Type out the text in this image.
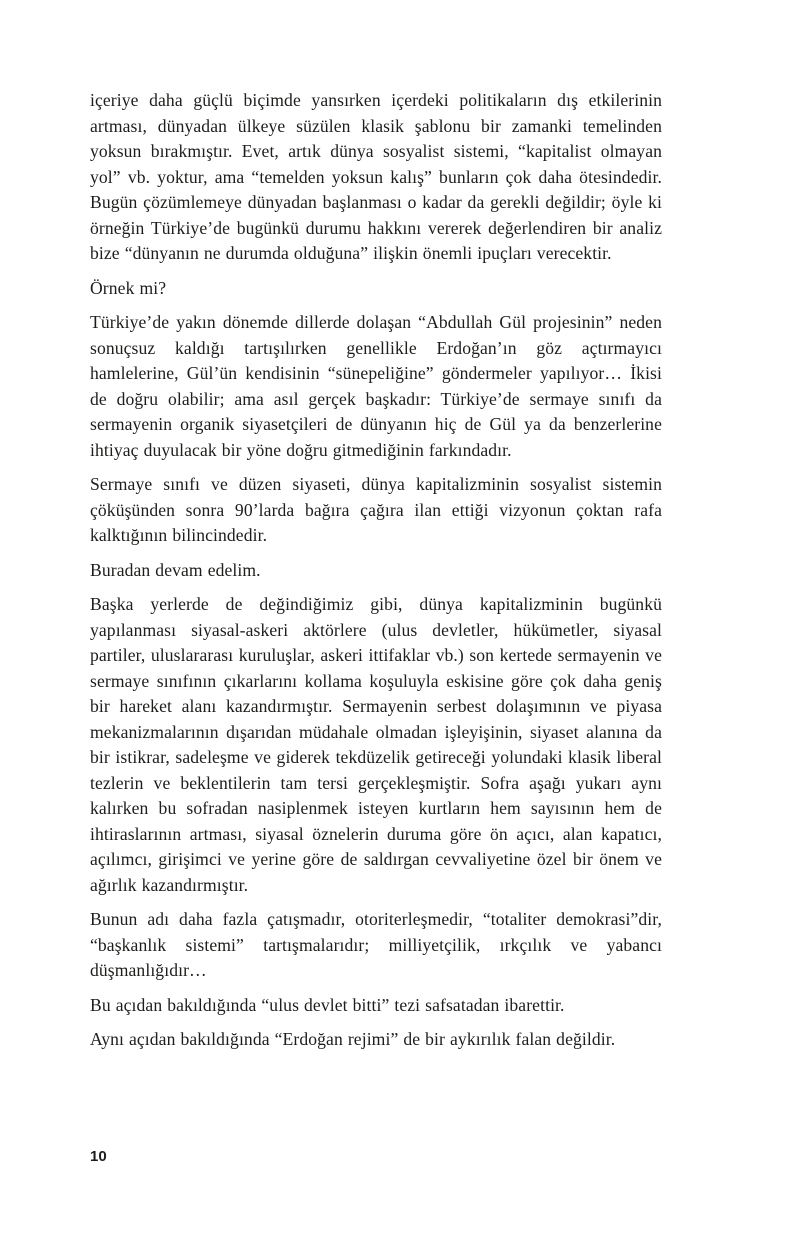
içeriye daha güçlü biçimde yansırken içerdeki politikaların dış etkilerinin artması, dünyadan ülkeye süzülen klasik şablonu bir zamanki temelinden yoksun bırakmıştır. Evet, artık dünya sosyalist sistemi, “kapitalist olmayan yol” vb. yoktur, ama “temelden yoksun kalış” bunların çok daha ötesindedir. Bugün çözümlemeye dünyadan başlanması o kadar da gerekli değildir; öyle ki örneğin Türkiye’de bugünkü durumu hakkını vererek değerlendiren bir analiz bize “dünyanın ne durumda olduğuna” ilişkin önemli ipuçları verecektir.

Örnek mi?

Türkiye’de yakın dönemde dillerde dolaşan “Abdullah Gül projesinin” neden sonuçsuz kaldığı tartışılırken genellikle Erdoğan’ın göz açtırmayıcı hamlelerine, Gül’ün kendisinin “sünepeliğine” göndermeler yapılıyor… İkisi de doğru olabilir; ama asıl gerçek başkadır: Türkiye’de sermaye sınıfı da sermayenin organik siyasetçileri de dünyanın hiç de Gül ya da benzerlerine ihtiyaç duyulacak bir yöne doğru gitmediğinin farkındadır.

Sermaye sınıfı ve düzen siyaseti, dünya kapitalizminin sosyalist sistemin çöküşünden sonra 90’larda bağıra çağıra ilan ettiği vizyonun çoktan rafa kalktığının bilincindedir.

Buradan devam edelim.

Başka yerlerde de değindiğimiz gibi, dünya kapitalizminin bugünkü yapılanması siyasal-askeri aktörlere (ulus devletler, hükümetler, siyasal partiler, uluslararası kuruluşlar, askeri ittifaklar vb.) son kertede sermayenin ve sermaye sınıfının çıkarlarını kollama koşuluyla eskisine göre çok daha geniş bir hareket alanı kazandırmıştır. Sermayenin serbest dolaşımının ve piyasa mekanizmalarının dışarıdan müdahale olmadan işleyişinin, siyaset alanına da bir istikrar, sadeleşme ve giderek tekdüzelik getireceği yolundaki klasik liberal tezlerin ve beklentilerin tam tersi gerçekleşmiştir. Sofra aşağı yukarı aynı kalırken bu sofradan nasiplenmek isteyen kurtların hem sayısının hem de ihtiraslarının artması, siyasal öznelerin duruma göre ön açıcı, alan kapatıcı, açılımcı, girişimci ve yerine göre de saldırgan cevvaliyetine özel bir önem ve ağırlık kazandırmıştır.

Bunun adı daha fazla çatışmadır, otoriterleşmedir, “totaliter demokrasi”dir, “başkanlık sistemi” tartışmalarıdır; milliyetçilik, ırkçılık ve yabancı düşmanlığıdır…

Bu açıdan bakıldığında “ulus devlet bitti” tezi safsatadan ibarettir.

Aynı açıdan bakıldığında “Erdoğan rejimi” de bir aykırılık falan değildir.

10
